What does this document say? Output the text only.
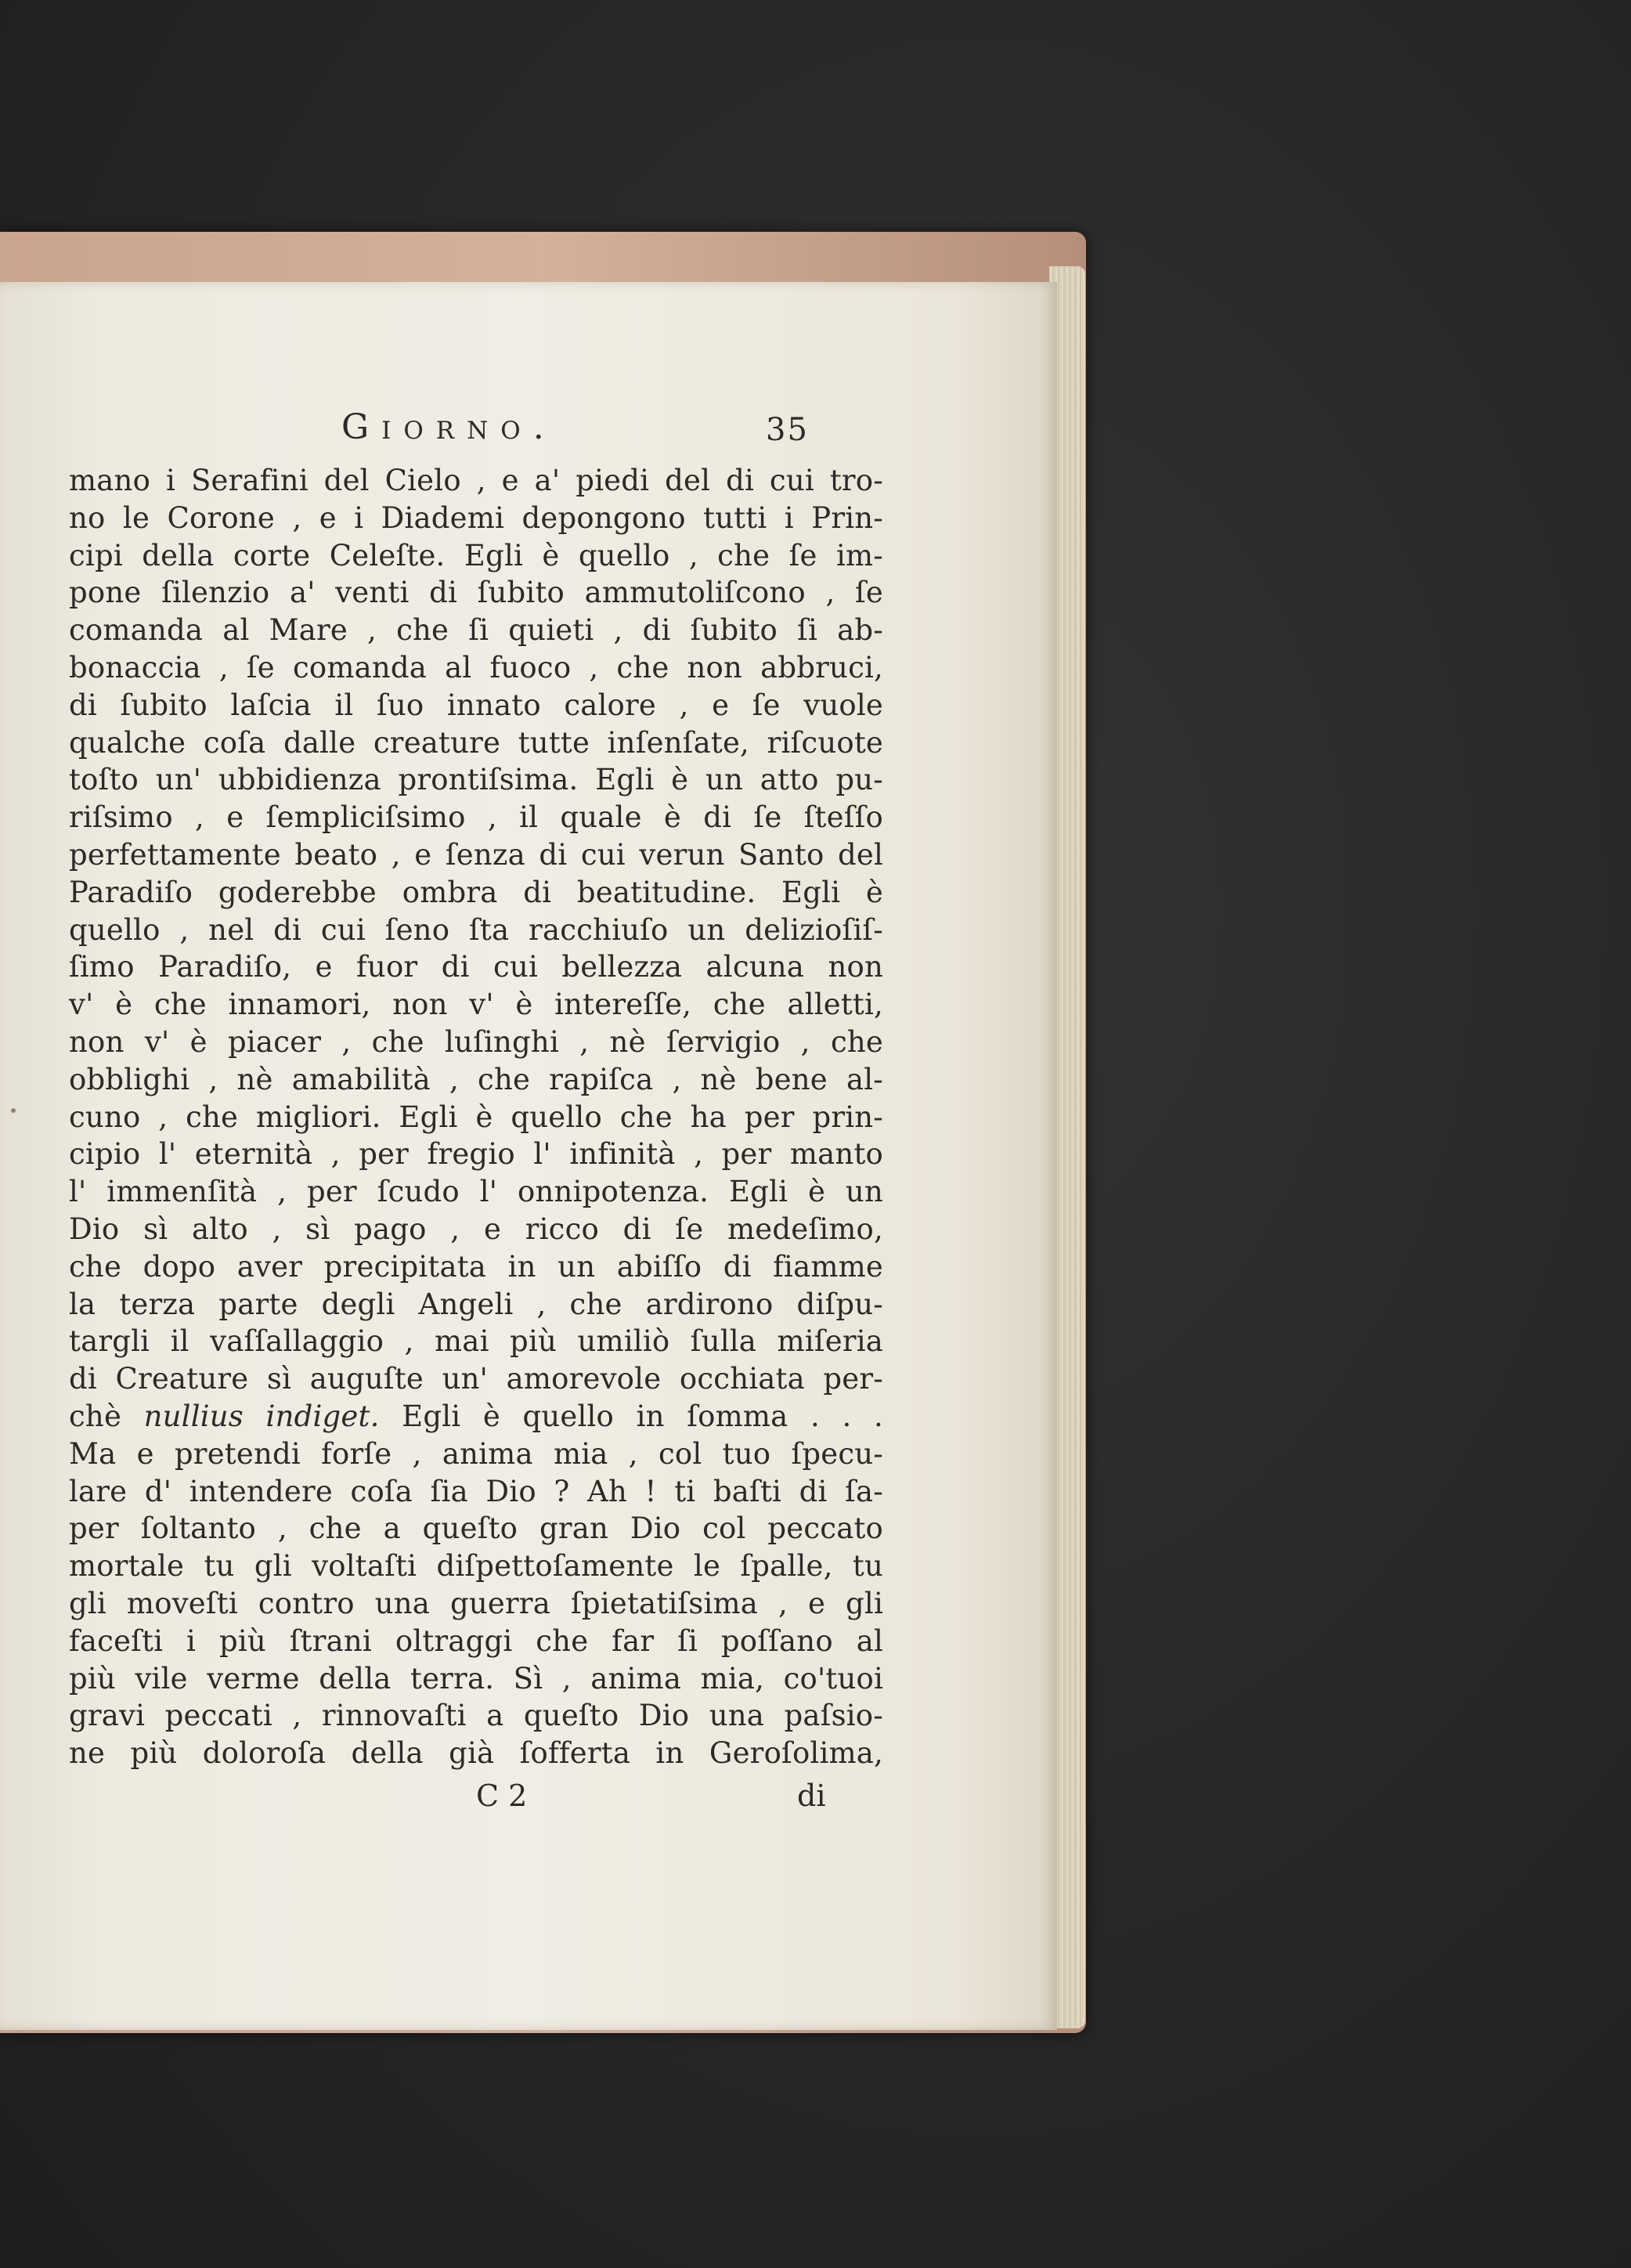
Giorno.	35
mano i Serafini del Cielo , e a' piedi del di cui tro-
no le Corone , e i Diademi depongono tutti i Prin-
cipi della corte Celeſte. Egli è quello , che ſe im-
pone ſilenzio a' venti di ſubito ammutoliſcono , ſe
comanda al Mare , che ſi quieti , di ſubito ſi ab-
bonaccia , ſe comanda al fuoco , che non abbruci,
di ſubito laſcia il ſuo innato calore , e ſe vuole
qualche coſa dalle creature tutte inſenſate, riſcuote
toſto un' ubbidienza prontiſsima. Egli è un atto pu-
riſsimo , e ſempliciſsimo , il quale è di ſe ſteſſo
perfettamente beato , e ſenza di cui verun Santo del
Paradiſo goderebbe ombra di beatitudine. Egli è
quello , nel di cui ſeno ſta racchiuſo un delizioſiſ-
ſimo Paradiſo, e fuor di cui bellezza alcuna non
v' è che innamori, non v' è intereſſe, che alletti,
non v' è piacer , che luſinghi , nè ſervigio , che
obblighi , nè amabilità , che rapiſca , nè bene al-
cuno , che migliori. Egli è quello che ha per prin-
cipio l' eternità , per fregio l' infinità , per manto
l' immenſità , per ſcudo l' onnipotenza. Egli è un
Dio sì alto , sì pago , e ricco di ſe medeſimo,
che dopo aver precipitata in un abiſſo di fiamme
la terza parte degli Angeli , che ardirono diſpu-
targli il vaſſallaggio , mai più umiliò ſulla miſeria
di Creature sì auguſte un' amorevole occhiata per-
chè nullius indiget. Egli è quello in ſomma . . .
Ma e pretendi forſe , anima mia , col tuo ſpecu-
lare d' intendere coſa ſia Dio ? Ah ! ti baſti di ſa-
per ſoltanto , che a queſto gran Dio col peccato
mortale tu gli voltaſti diſpettoſamente le ſpalle, tu
gli moveſti contro una guerra ſpietatiſsima , e gli
faceſti i più ſtrani oltraggi che far ſi poſſano al
più vile verme della terra. Sì , anima mia, co'tuoi
gravi peccati , rinnovaſti a queſto Dio una paſsio-
ne più doloroſa della già ſofferta in Geroſolima,
C 2	di
